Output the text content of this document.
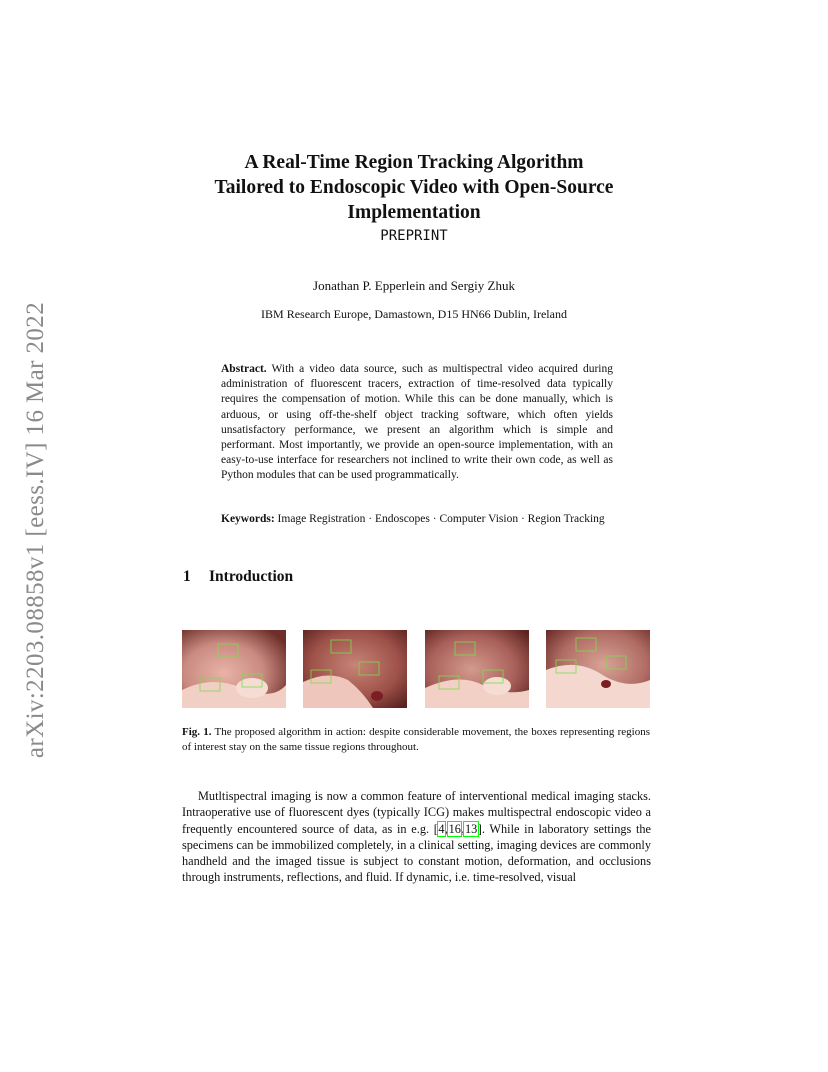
arXiv:2203.08858v1 [eess.IV] 16 Mar 2022
A Real-Time Region Tracking Algorithm
Tailored to Endoscopic Video with Open-Source
Implementation
PREPRINT
Jonathan P. Epperlein and Sergiy Zhuk
IBM Research Europe, Damastown, D15 HN66 Dublin, Ireland
Abstract. With a video data source, such as multispectral video acquired during administration of fluorescent tracers, extraction of time-resolved data typically requires the compensation of motion. While this can be done manually, which is arduous, or using off-the-shelf object tracking software, which often yields unsatisfactory performance, we present an algorithm which is simple and performant. Most importantly, we provide an open-source implementation, with an easy-to-use interface for researchers not inclined to write their own code, as well as Python modules that can be used programmatically.
Keywords: Image Registration · Endoscopes · Computer Vision · Region Tracking
1 Introduction
Fig. 1. The proposed algorithm in action: despite considerable movement, the boxes representing regions of interest stay on the same tissue regions throughout.

Mutltispectral imaging is now a common feature of interventional medical imaging stacks. Intraoperative use of fluorescent dyes (typically ICG) makes multispectral endoscopic video a frequently encountered source of data, as in e.g. [4,16,13]. While in laboratory settings the specimens can be immobilized completely, in a clinical setting, imaging devices are commonly handheld and the imaged tissue is subject to constant motion, deformation, and occlusions through instruments, reflections, and fluid. If dynamic, i.e. time-resolved, visual
